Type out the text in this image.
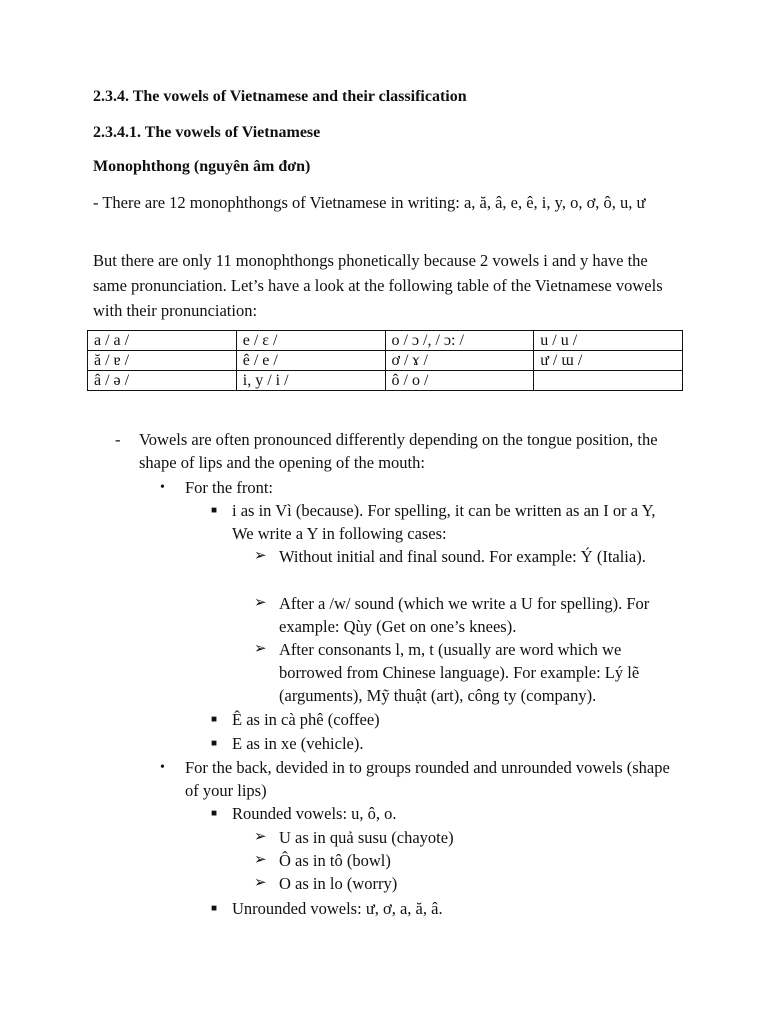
2.3.4. The vowels of Vietnamese and their classification
2.3.4.1. The vowels of Vietnamese
Monophthong (nguyên âm đơn)
- There are 12 monophthongs of Vietnamese in writing: a, ă, â, e, ê, i, y, o, ơ, ô, u, ư
But there are only 11 monophthongs phonetically because 2 vowels i and y have the same pronunciation. Let’s have a look at the following table of the Vietnamese vowels with their pronunciation:
a / a /	e / ɛ /	o / ɔ /, / ɔ: /	u / u /
ă / ɐ /	ê / e /	ơ / ɤ /	ư / ɯ /
â / ə /	i, y / i /	ô / o /	
- Vowels are often pronounced differently depending on the tongue position, the shape of lips and the opening of the mouth:
• For the front:
■ i as in Vì (because). For spelling, it can be written as an I or a Y, We write a Y in following cases:
➢ Without initial and final sound. For example: Ý (Italia).
➢ After a /w/ sound (which we write a U for spelling). For example: Qùy (Get on one’s knees).
➢ After consonants l, m, t (usually are word which we borrowed from Chinese language). For example: Lý lẽ (arguments), Mỹ thuật (art), công ty (company).
■ Ê as in cà phê (coffee)
■ E as in xe (vehicle).
• For the back, devided in to groups rounded and unrounded vowels (shape of your lips)
■ Rounded vowels: u, ô, o.
➢ U as in quả susu (chayote)
➢ Ô as in tô (bowl)
➢ O as in lo (worry)
■ Unrounded vowels: ư, ơ, a, ă, â.
